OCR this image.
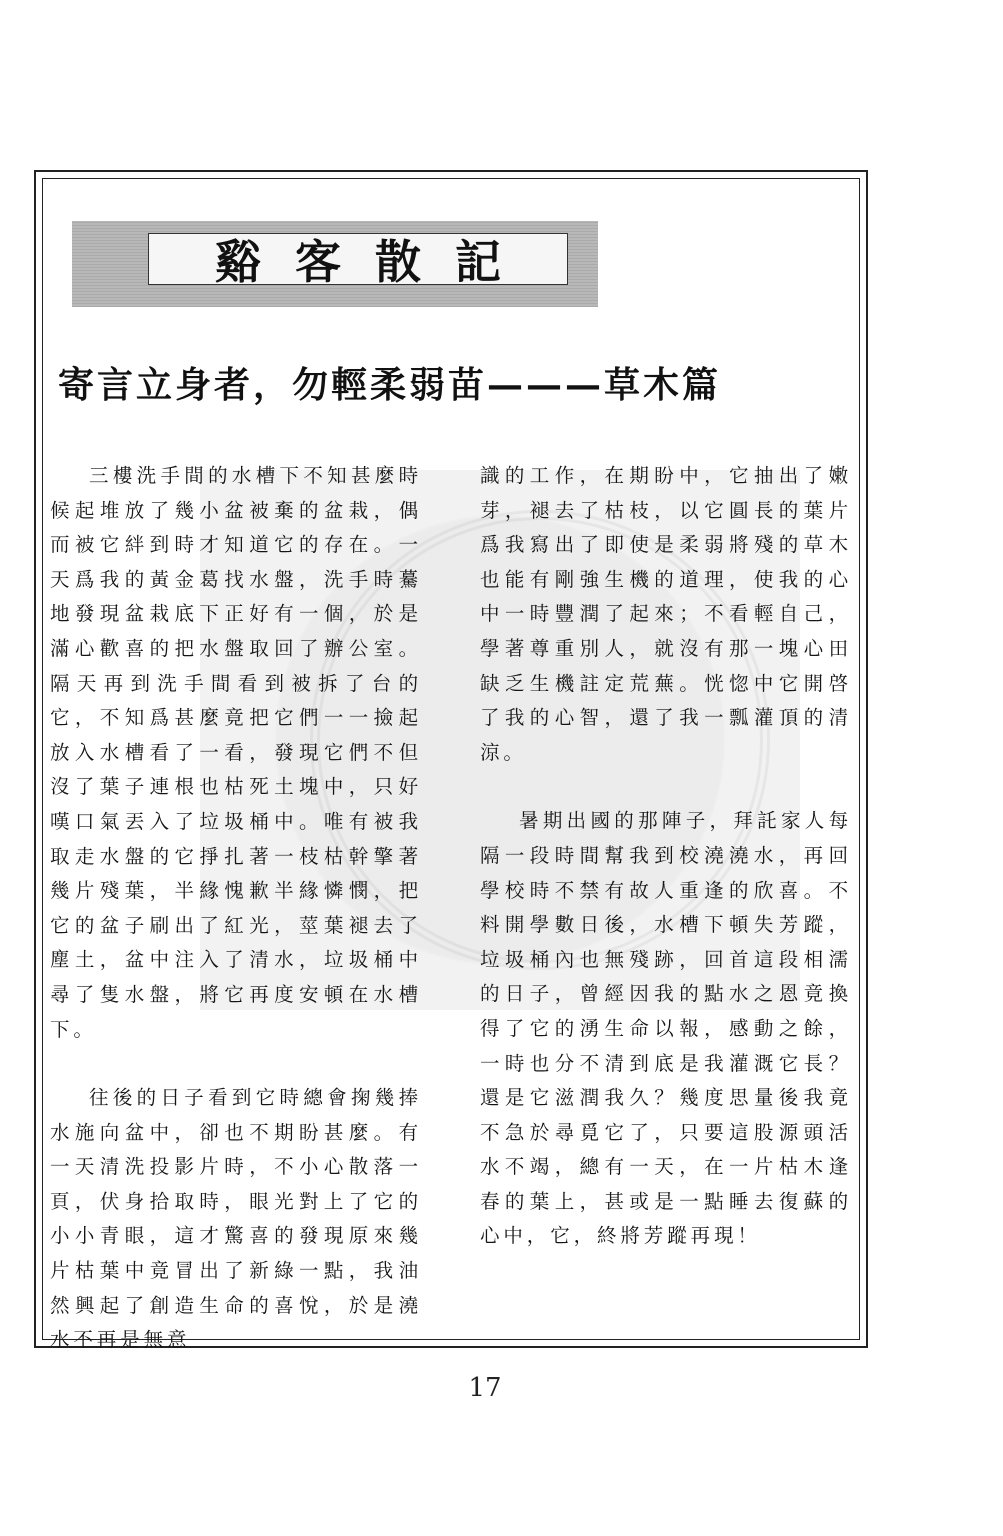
谿客散記
寄言立身者，勿輕柔弱苗———草木篇

三樓洗手間的水槽下不知甚麼時候起堆放了幾小盆被棄的盆栽，偶而被它絆到時才知道它的存在。一天爲我的黃金葛找水盤，洗手時驀地發現盆栽底下正好有一個，於是滿心歡喜的把水盤取回了辦公室。隔天再到洗手間看到被拆了台的它，不知爲甚麼竟把它們一一撿起放入水槽看了一看，發現它們不但沒了葉子連根也枯死土塊中，只好嘆口氣丟入了垃圾桶中。唯有被我取走水盤的它掙扎著一枝枯幹擎著幾片殘葉，半緣愧歉半緣憐憫，把它的盆子刷出了紅光，莖葉褪去了塵土，盆中注入了清水，垃圾桶中尋了隻水盤，將它再度安頓在水槽下。

往後的日子看到它時總會掬幾捧水施向盆中，卻也不期盼甚麼。有一天清洗投影片時，不小心散落一頁，伏身拾取時，眼光對上了它的小小青眼，這才驚喜的發現原來幾片枯葉中竟冒出了新綠一點，我油然興起了創造生命的喜悅，於是澆水不再是無意

識的工作，在期盼中，它抽出了嫩芽，褪去了枯枝，以它圓長的葉片爲我寫出了即使是柔弱將殘的草木也能有剛強生機的道理，使我的心中一時豐潤了起來；不看輕自己，學著尊重別人，就沒有那一塊心田缺乏生機註定荒蕪。恍惚中它開啓了我的心智，還了我一瓢灌頂的清涼。

暑期出國的那陣子，拜託家人每隔一段時間幫我到校澆澆水，再回學校時不禁有故人重逢的欣喜。不料開學數日後，水槽下頓失芳蹤，垃圾桶內也無殘跡，回首這段相濡的日子，曾經因我的點水之恩竟換得了它的湧生命以報，感動之餘，一時也分不清到底是我灌溉它長？還是它滋潤我久？幾度思量後我竟不急於尋覓它了，只要這股源頭活水不竭，總有一天，在一片枯木逢春的葉上，甚或是一點睡去復蘇的心中，它，終將芳蹤再現！

17
